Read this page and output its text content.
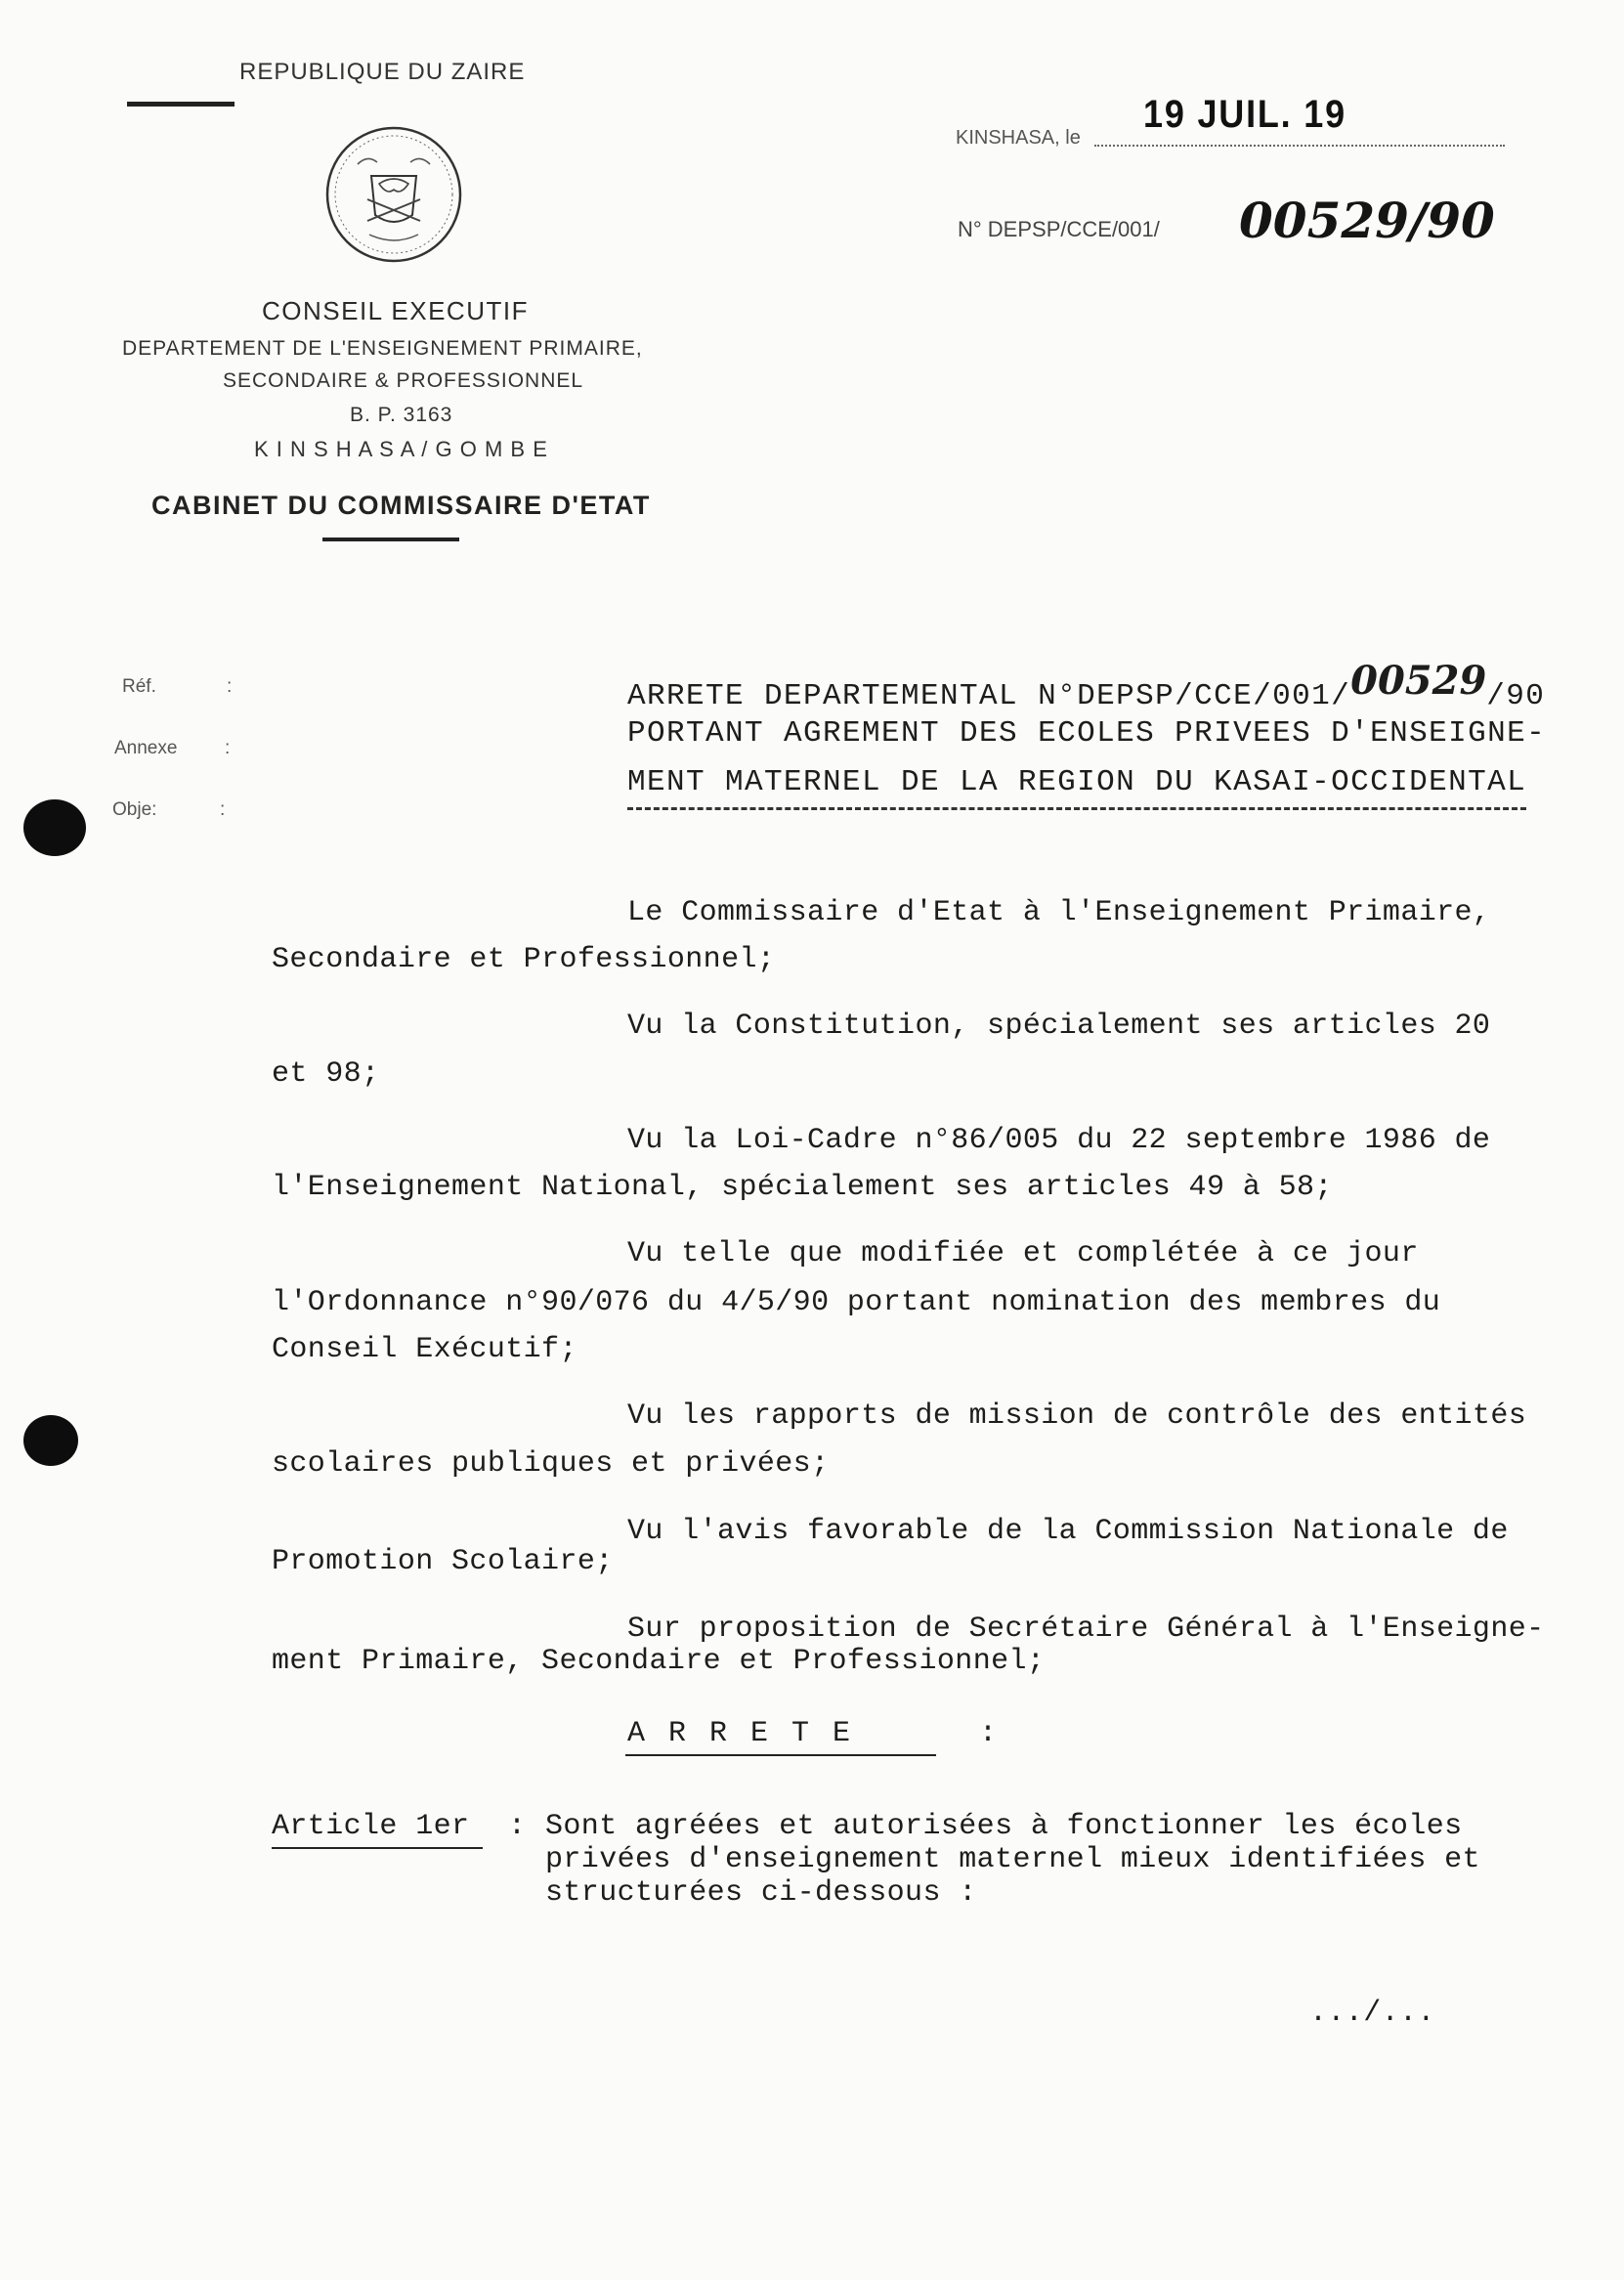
REPUBLIQUE DU ZAIRE
CONSEIL EXECUTIF
DEPARTEMENT DE L'ENSEIGNEMENT PRIMAIRE,
SECONDAIRE & PROFESSIONNEL
B. P. 3163
K I N S H A S A / G O M B E
CABINET DU COMMISSAIRE D'ETAT
KINSHASA, le
19 JUIL. 19
N° DEPSP/CCE/001/ 00529/90
Réf.	:
Annexe	:
Obje:	:
ARRETE DEPARTEMENTAL N°DEPSP/CCE/001/00529/90
PORTANT AGREMENT DES ECOLES PRIVEES D'ENSEIGNE-
MENT MATERNEL DE LA REGION DU KASAI-OCCIDENTAL
Le Commissaire d'Etat à l'Enseignement Primaire,
Secondaire et Professionnel;
Vu la Constitution, spécialement ses articles 20
et 98;
Vu la Loi-Cadre n°86/005 du 22 septembre 1986 de
l'Enseignement National, spécialement ses articles 49 à 58;
Vu telle que modifiée et complétée à ce jour
l'Ordonnance n°90/076 du 4/5/90 portant nomination des membres du
Conseil Exécutif;
Vu les rapports de mission de contrôle des entités
scolaires publiques et privées;
Vu l'avis favorable de la Commission Nationale de
Promotion Scolaire;
Sur proposition de Secrétaire Général à l'Enseigne-
ment Primaire, Secondaire et Professionnel;
A R R E T E	:
Article 1er : Sont agréées et autorisées à fonctionner les écoles
privées d'enseignement maternel mieux identifiées et
structurées ci-dessous :
.../...
